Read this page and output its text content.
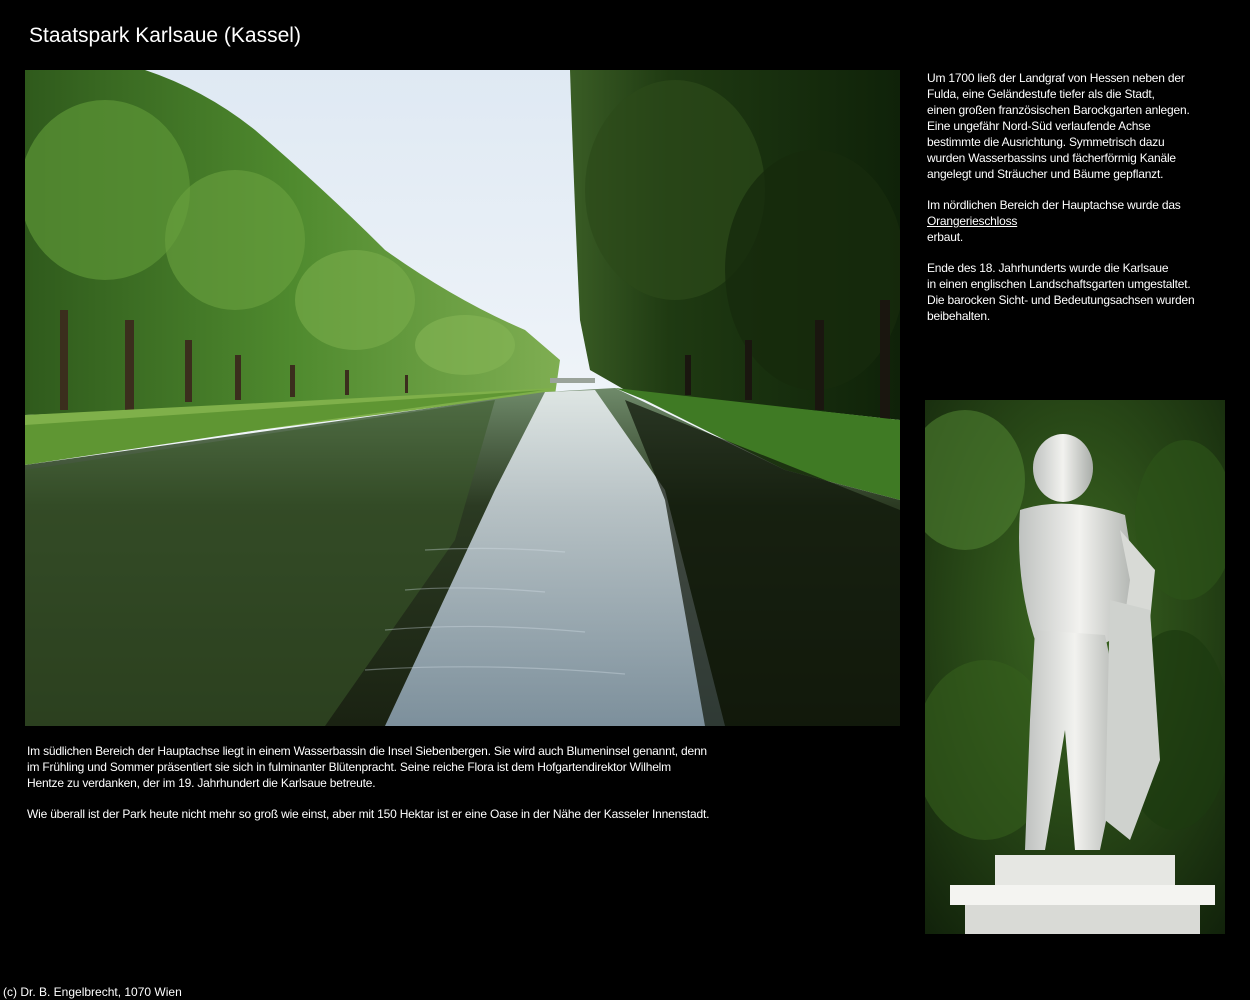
Staatspark Karlsaue (Kassel)

Um 1700 ließ der Landgraf von Hessen neben der
Fulda, eine Geländestufe tiefer als die Stadt,
einen großen französischen Barockgarten anlegen.
Eine ungefähr Nord-Süd verlaufende Achse
bestimmte die Ausrichtung. Symmetrisch dazu
wurden Wasserbassins und fächerförmig Kanäle
angelegt und Sträucher und Bäume gepflanzt.

Im nördlichen Bereich der Hauptachse wurde das
Orangerieschloss
erbaut.

Ende des 18. Jahrhunderts wurde die Karlsaue
in einen englischen Landschaftsgarten umgestaltet.
Die barocken Sicht- und Bedeutungsachsen wurden
beibehalten.

Im südlichen Bereich der Hauptachse liegt in einem Wasserbassin die Insel Siebenbergen. Sie wird auch Blumeninsel genannt, denn
im Frühling und Sommer präsentiert sie sich in fulminanter Blütenpracht. Seine reiche Flora ist dem Hofgartendirektor Wilhelm
Hentze zu verdanken, der im 19. Jahrhundert die Karlsaue betreute.

Wie überall ist der Park heute nicht mehr so groß wie einst, aber mit 150 Hektar ist er eine Oase in der Nähe der Kasseler Innenstadt.

(c) Dr. B. Engelbrecht, 1070 Wien
